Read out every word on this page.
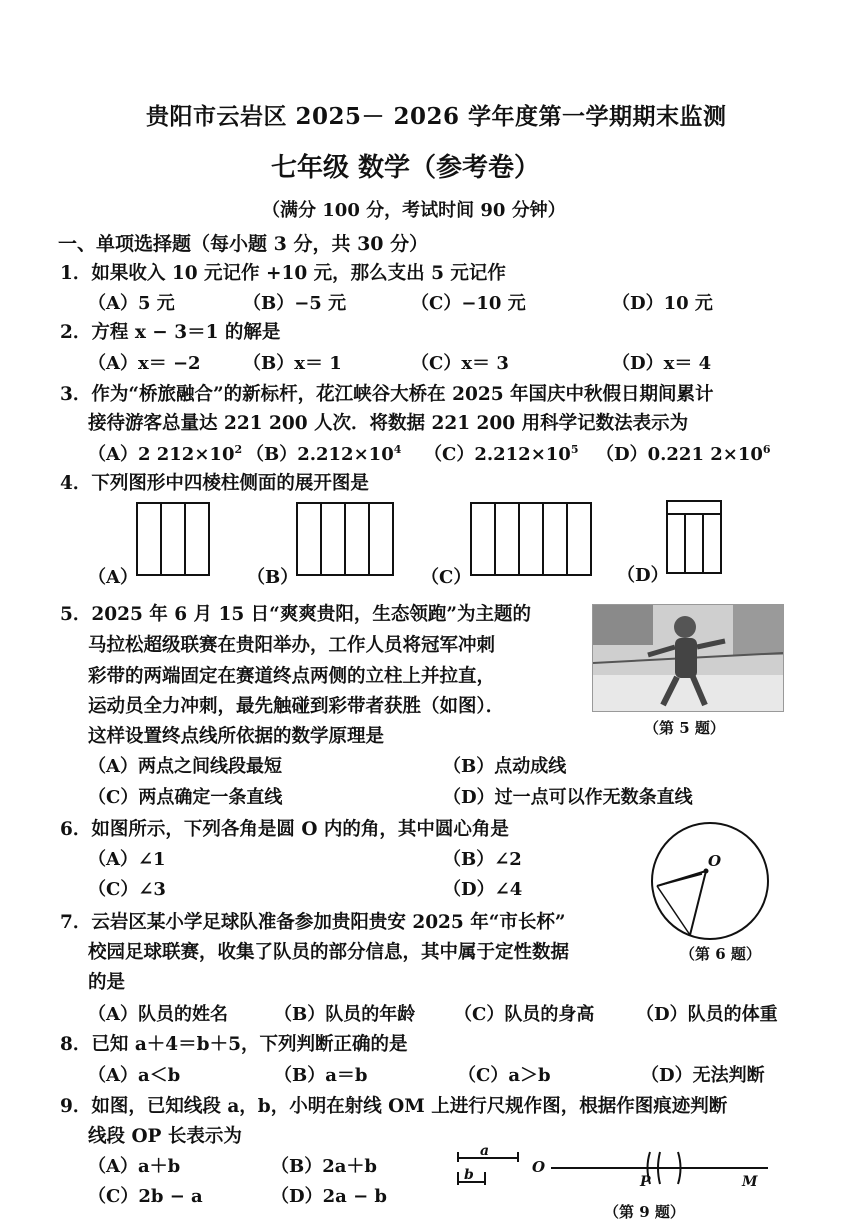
贵阳市云岩区 2025－ 2026 学年度第一学期期末监测
七年级 数学（参考卷）
（满分 100 分，考试时间 90 分钟）
一、单项选择题（每小题 3 分，共 30 分）
1．如果收入 10 元记作 +10 元，那么支出 5 元记作
（A）5 元	（B）−5 元	（C）−10 元	（D）10 元
2．方程 x − 3＝1 的解是
（A）x＝ −2 （B）x＝ 1	（C）x＝ 3	（D）x＝ 4
3．作为“桥旅融合”的新标杆，花江峡谷大桥在 2025 年国庆中秋假日期间累计
接待游客总量达 221 200 人次．将数据 221 200 用科学记数法表示为
（A）2 $212\times 10^2$ $(B)2.212\times 10^4$ $(C)2.212\times 10^5$ （D）0.221 $2\times 10^6$
4．下列图形中四棱柱侧面的展开图是
（A）	（B）	（C）	（D）
5．2025 年 6 月 15 日“爽爽贵阳，生态领跑”为主题的
马拉松超级联赛在贵阳举办，工作人员将冠军冲刺
彩带的两端固定在赛道终点两侧的立柱上并拉直，
运动员全力冲刺，最先触碰到彩带者获胜（如图）．
这样设置终点线所依据的数学原理是	（第 5 题）
（A）两点之间线段最短	（B）点动成线
（C）两点确定一条直线	（D）过一点可以作无数条直线
6．如图所示，下列各角是圆 O 内的角，其中圆心角是
（A）∠1	（B）∠2
（C）∠3	（D）∠4
O
（第 6 题）
7．云岩区某小学足球队准备参加贵阳贵安 2025 年“市长杯”
校园足球联赛，收集了队员的部分信息，其中属于定性数据
的是
（A）队员的姓名	（B）队员的年龄 （C）队员的身高 （D）队员的体重
8．已知 a＋4＝b＋5，下列判断正确的是
（A）a＜b	（B）a＝b	（C）a＞b	（D）无法判断
9．如图，已知线段 a，b，小明在射线 OM 上进行尺规作图，根据作图痕迹判断
线段 OP 长表示为
（A）a＋b	（B）2a＋b
（C）2b − a	（D）2a − b
a
b	O
P	M
（第 9 题）
